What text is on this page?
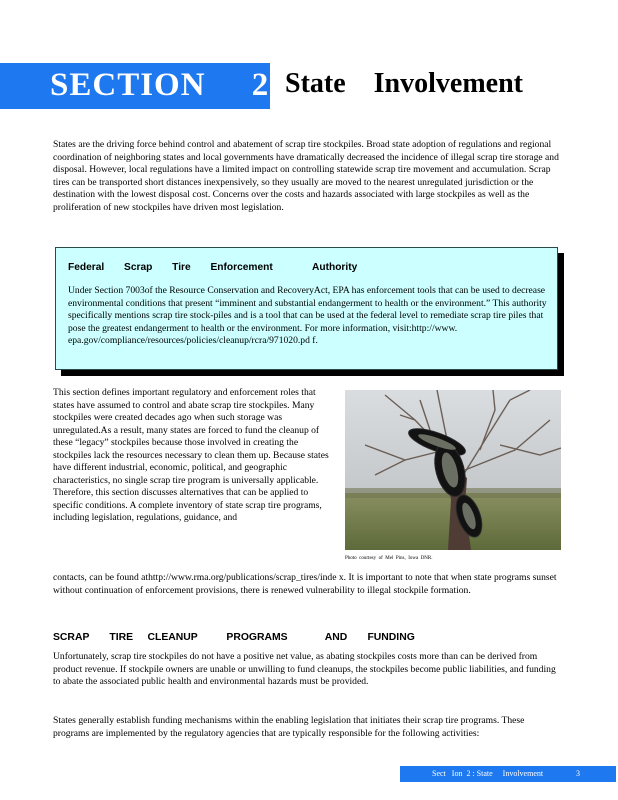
SECTION     2 State    Involvement
States are the driving force behind control and abatement of scrap tire stockpiles. Broad state adoption of regulations and regional coordination of neighboring states and local governments have dramatically decreased the incidence of illegal scrap tire storage and disposal. However, local regulations have a limited impact on controlling statewide scrap tire movement and accumulation. Scrap tires can be transported short distances inexpensively, so they usually are moved to the nearest unregulated jurisdiction or the destination with the lowest disposal cost. Concerns over the costs and hazards associated with large stockpiles as well as the proliferation of new stockpiles have driven most legislation.
Federal       Scrap       Tire       Enforcement              Authority
Under Section 7003of the Resource Conservation and RecoveryAct, EPA has enforcement tools that can be used to decrease environmental conditions that present “imminent and substantial endangerment to health or the environment.” This authority specifically mentions scrap tire stock-piles and is a tool that can be used at the federal level to remediate scrap tire piles that pose the greatest endangerment to health or the environment. For more information, visit:http://www. epa.gov/compliance/resources/policies/cleanup/rcra/971020.pd f.
This section defines important regulatory and enforcement roles that states have assumed to control and abate scrap tire stockpiles. Many stockpiles were created decades ago when such storage was unregulated.As a result, many states are forced to fund the cleanup of these “legacy” stockpiles because those involved in creating the stockpiles lack the resources necessary to clean them up. Because states have different industrial, economic, political, and geographic characteristics, no single scrap tire program is universally applicable. Therefore, this section discusses alternatives that can be applied to specific conditions. A complete inventory of state scrap tire programs, including legislation, regulations, guidance, and
Photo  courtesy  of  Mel  Pins,  Iowa  DNR.
contacts, can be found athttp://www.rma.org/publications/scrap_tires/inde x. It is important to note that when state programs sunset without continuation of enforcement provisions, there is renewed vulnerability to illegal stockpile formation.
SCRAP       TIRE     CLEANUP          PROGRAMS             AND       FUNDING
Unfortunately, scrap tire stockpiles do not have a positive net value, as abating stockpiles costs more than can be derived from product revenue. If stockpile owners are unable or unwilling to fund cleanups, the stockpiles become public liabilities, and funding to abate the associated public health and environmental hazards must be provided.
States generally establish funding mechanisms within the enabling legislation that initiates their scrap tire programs. These programs are implemented by the regulatory agencies that are typically responsible for the following activities:
Sect   Ion  2 : State     Involvement	3
